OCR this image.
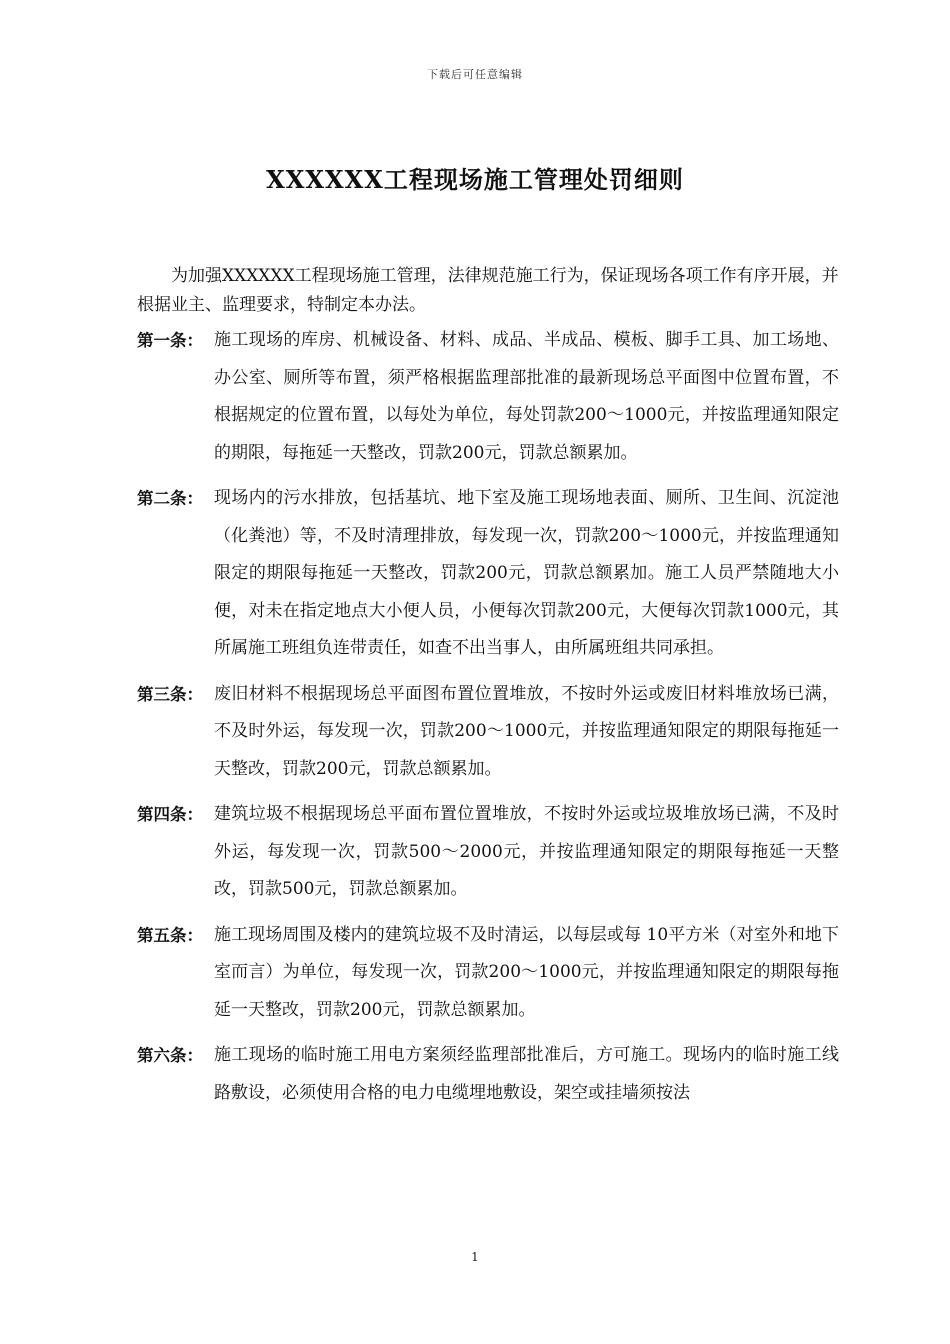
下载后可任意编辑
XXXXXX工程现场施工管理处罚细则

为加强XXXXXX工程现场施工管理，法律规范施工行为，保证现场各项工作有序开展，并根据业主、监理要求，特制定本办法。

第一条： 施工现场的库房、机械设备、材料、成品、半成品、模板、脚手工具、加工场地、办公室、厕所等布置，须严格根据监理部批准的最新现场总平面图中位置布置，不根据规定的位置布置，以每处为单位，每处罚款200～1000元，并按监理通知限定的期限，每拖延一天整改，罚款200元，罚款总额累加。
第二条： 现场内的污水排放，包括基坑、地下室及施工现场地表面、厕所、卫生间、沉淀池（化粪池）等，不及时清理排放，每发现一次，罚款200～1000元，并按监理通知限定的期限每拖延一天整改，罚款200元，罚款总额累加。施工人员严禁随地大小便，对未在指定地点大小便人员，小便每次罚款200元，大便每次罚款1000元，其所属施工班组负连带责任，如查不出当事人，由所属班组共同承担。
第三条： 废旧材料不根据现场总平面图布置位置堆放，不按时外运或废旧材料堆放场已满，不及时外运，每发现一次，罚款200～1000元，并按监理通知限定的期限每拖延一天整改，罚款200元，罚款总额累加。
第四条： 建筑垃圾不根据现场总平面布置位置堆放，不按时外运或垃圾堆放场已满，不及时外运，每发现一次，罚款500～2000元，并按监理通知限定的期限每拖延一天整改，罚款500元，罚款总额累加。
第五条： 施工现场周围及楼内的建筑垃圾不及时清运，以每层或每 10平方米（对室外和地下室而言）为单位，每发现一次，罚款200～1000元，并按监理通知限定的期限每拖延一天整改，罚款200元，罚款总额累加。
第六条： 施工现场的临时施工用电方案须经监理部批准后，方可施工。现场内的临时施工线路敷设，必须使用合格的电力电缆埋地敷设，架空或挂墙须按法
1
